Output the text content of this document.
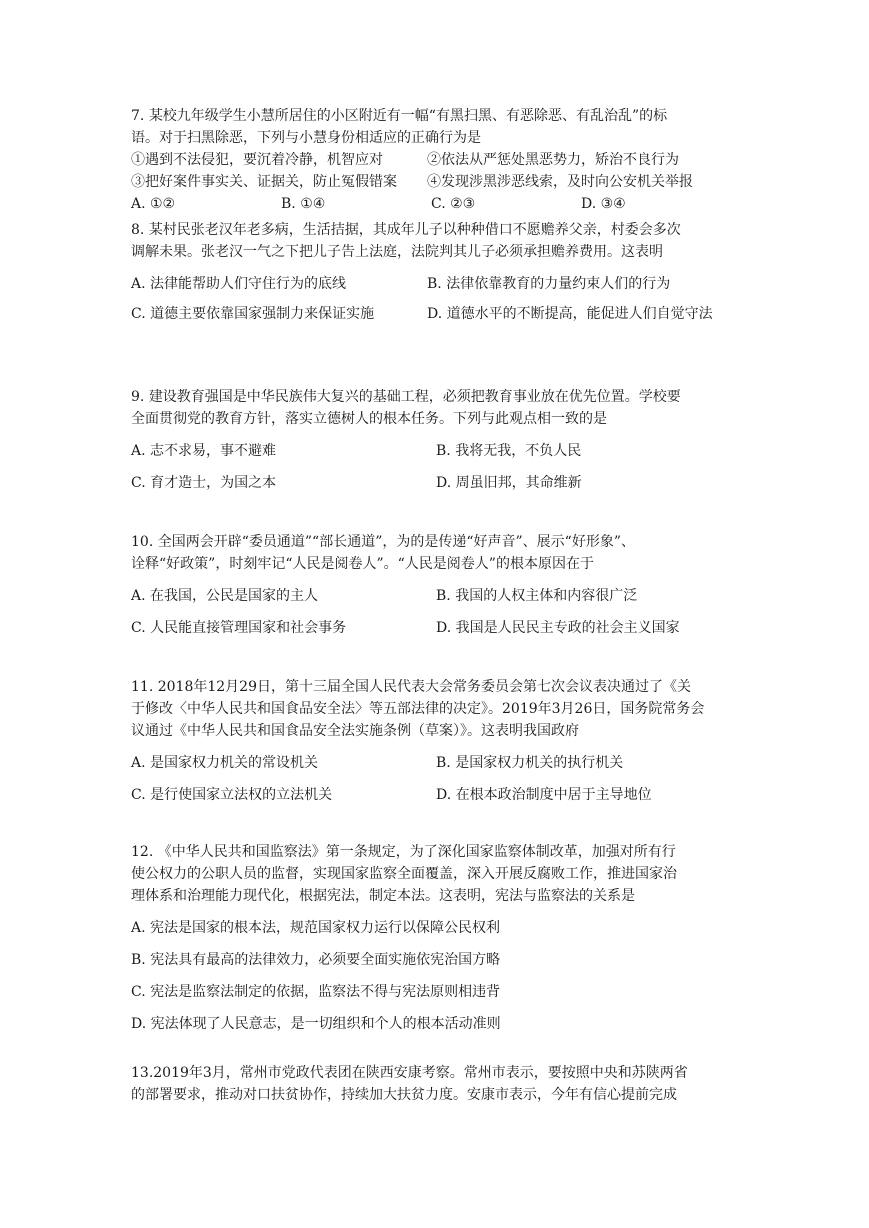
7. 某校九年级学生小慧所居住的小区附近有一幅“有黑扫黑、有恶除恶、有乱治乱”的标
语。对于扫黑除恶，下列与小慧身份相适应的正确行为是
①遇到不法侵犯，要沉着冷静，机智应对	②依法从严惩处黑恶势力，矫治不良行为
③把好案件事实关、证据关，防止冤假错案	④发现涉黑涉恶线索，及时向公安机关举报
A. ①②	B. ①④	C. ②③	D. ③④
8. 某村民张老汉年老多病，生活拮据，其成年儿子以种种借口不愿赡养父亲，村委会多次
调解未果。张老汉一气之下把儿子告上法庭，法院判其儿子必须承担赡养费用。这表明
A. 法律能帮助人们守住行为的底线	B. 法律依靠教育的力量约束人们的行为
C. 道德主要依靠国家强制力来保证实施	D. 道德水平的不断提高，能促进人们自觉守法
9. 建设教育强国是中华民族伟大复兴的基础工程，必须把教育事业放在优先位置。学校要
全面贯彻党的教育方针，落实立德树人的根本任务。下列与此观点相一致的是
A. 志不求易，事不避难	B. 我将无我，不负人民
C. 育才造士，为国之本	D. 周虽旧邦，其命维新
10. 全国两会开辟“委员通道”“部长通道”，为的是传递“好声音”、展示“好形象”、
诠释“好政策”，时刻牢记“人民是阅卷人”。“人民是阅卷人”的根本原因在于
A. 在我国，公民是国家的主人	B. 我国的人权主体和内容很广泛
C. 人民能直接管理国家和社会事务	D. 我国是人民民主专政的社会主义国家
11. 2018年12月29日，第十三届全国人民代表大会常务委员会第七次会议表决通过了《关
于修改〈中华人民共和国食品安全法〉等五部法律的决定》。2019年3月26日，国务院常务会
议通过《中华人民共和国食品安全法实施条例（草案）》。这表明我国政府
A. 是国家权力机关的常设机关	B. 是国家权力机关的执行机关
C. 是行使国家立法权的立法机关	D. 在根本政治制度中居于主导地位
12. 《中华人民共和国监察法》第一条规定，为了深化国家监察体制改革，加强对所有行
使公权力的公职人员的监督，实现国家监察全面覆盖，深入开展反腐败工作，推进国家治
理体系和治理能力现代化，根据宪法，制定本法。这表明，宪法与监察法的关系是
A. 宪法是国家的根本法，规范国家权力运行以保障公民权利
B. 宪法具有最高的法律效力，必须要全面实施依宪治国方略
C. 宪法是监察法制定的依据，监察法不得与宪法原则相违背
D. 宪法体现了人民意志，是一切组织和个人的根本活动准则
13.2019年3月，常州市党政代表团在陕西安康考察。常州市表示，要按照中央和苏陕两省
的部署要求，推动对口扶贫协作，持续加大扶贫力度。安康市表示，今年有信心提前完成
